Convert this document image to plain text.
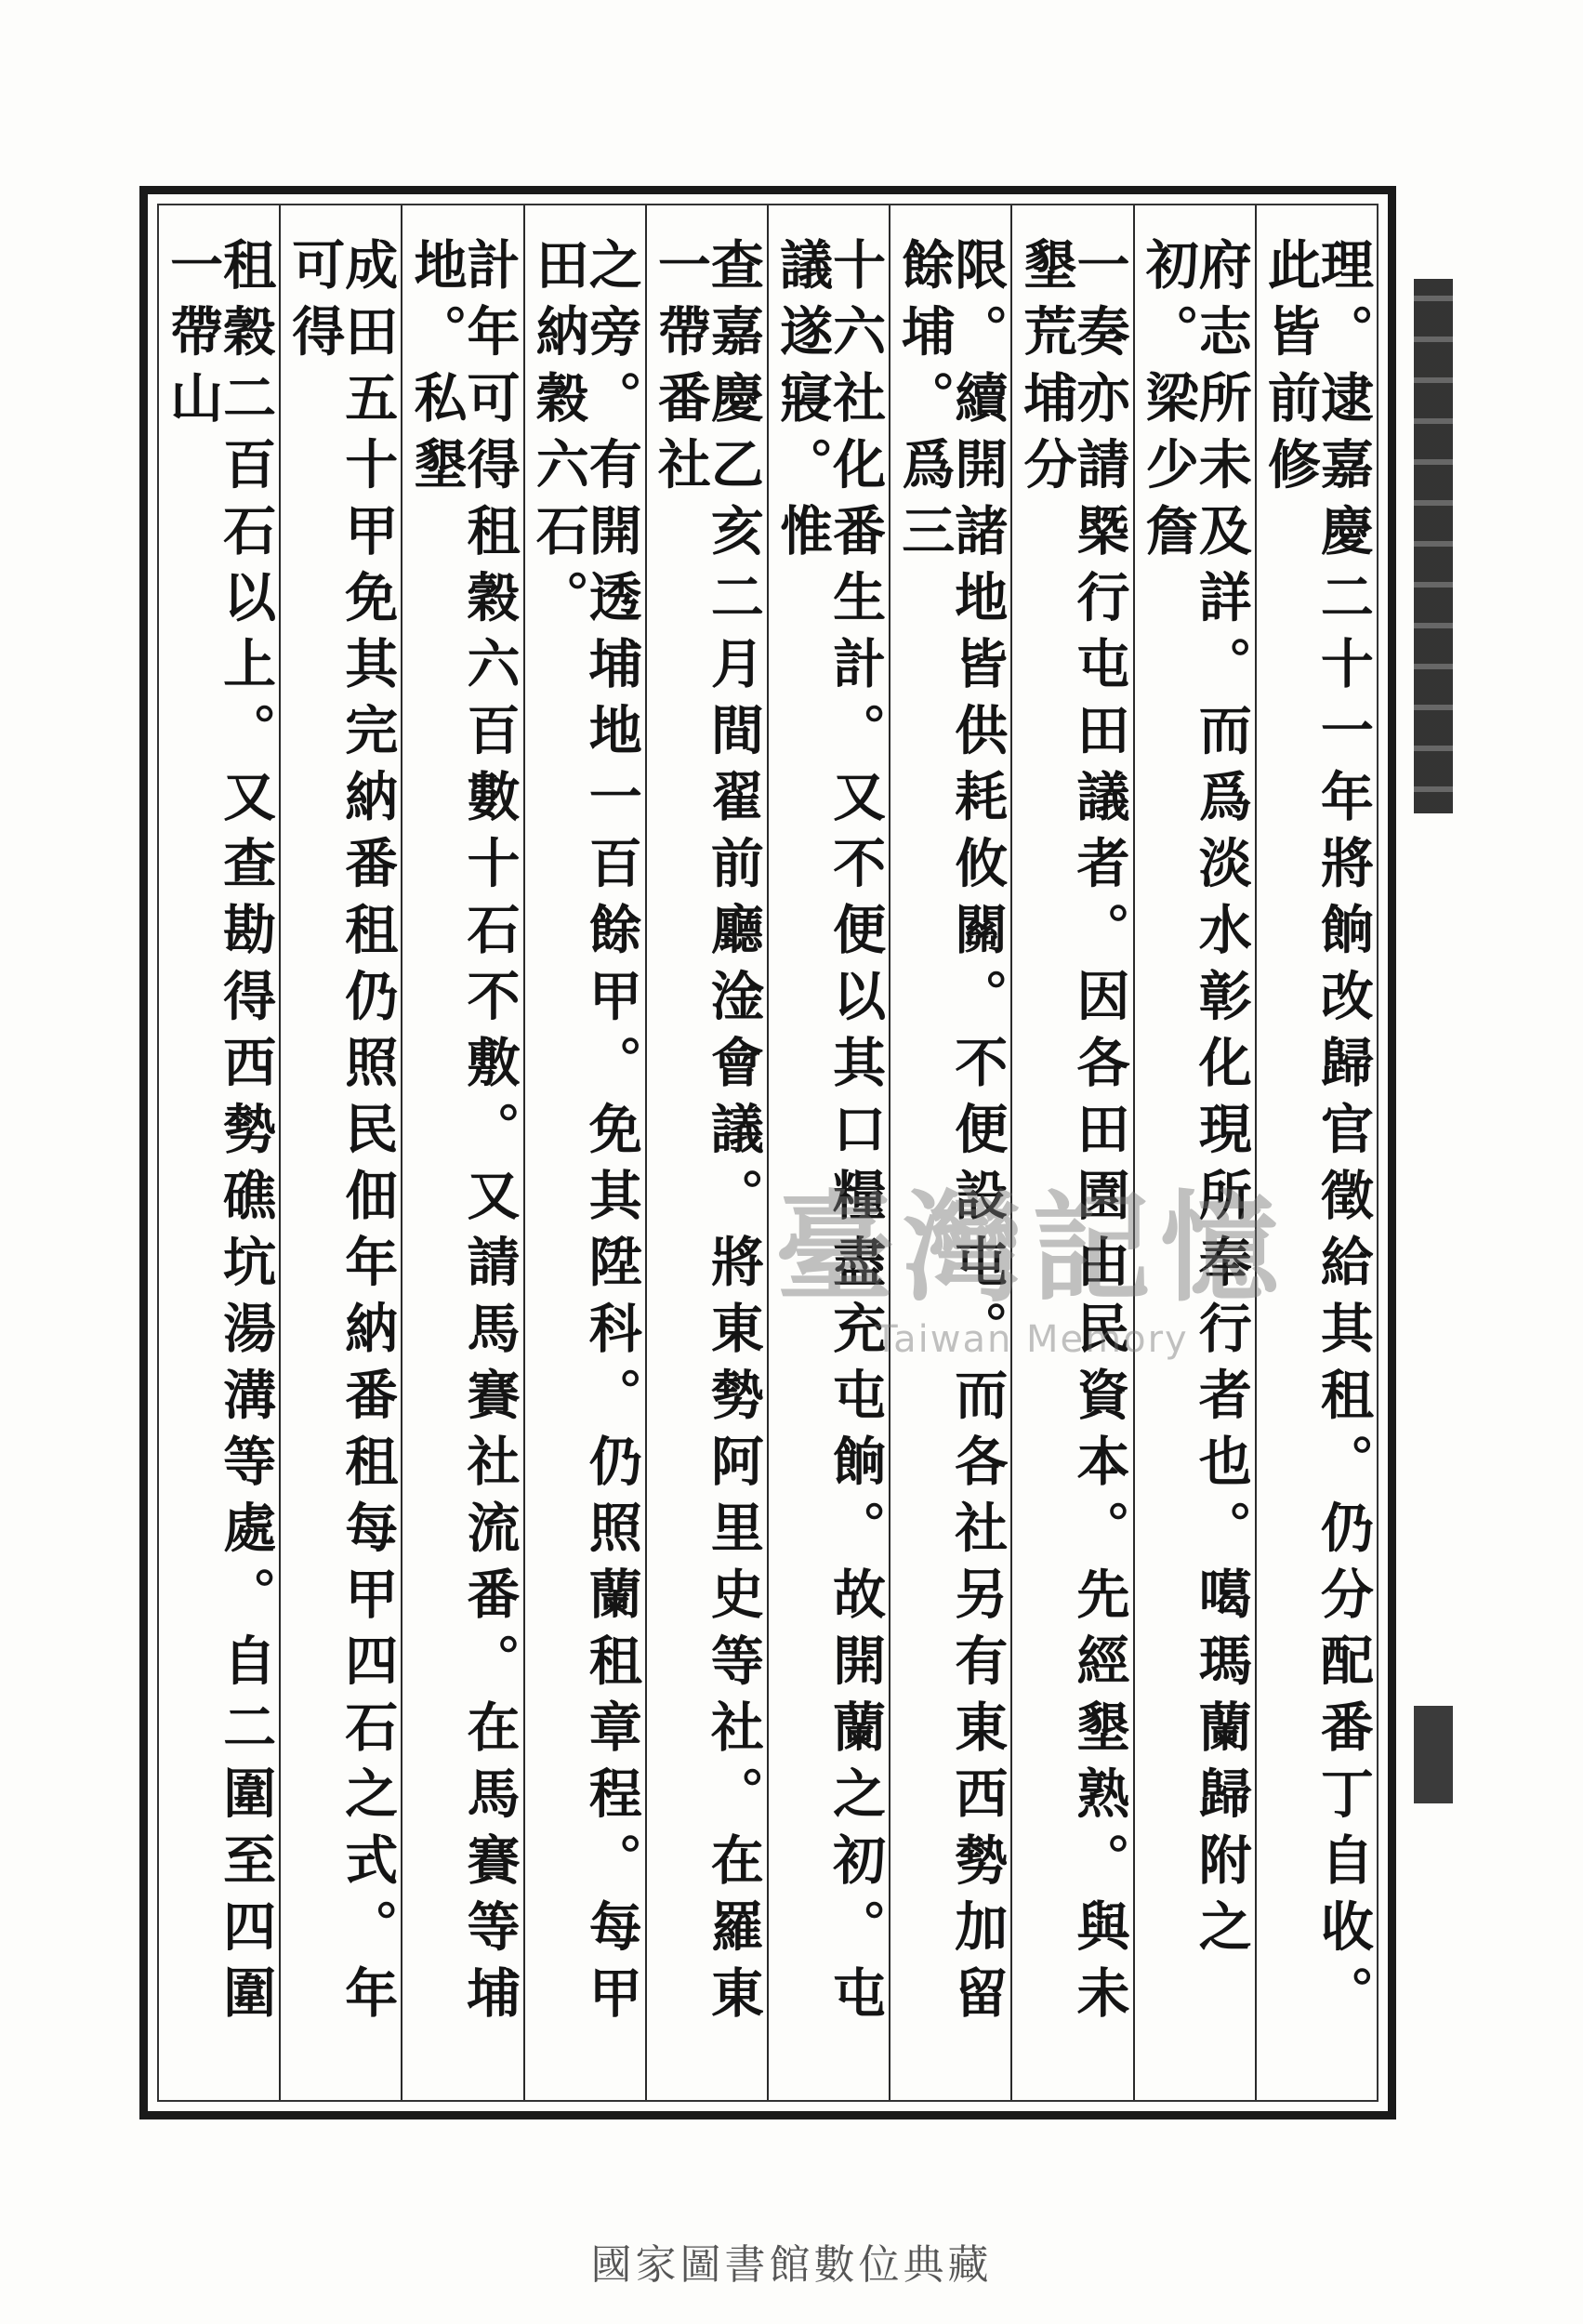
理。逮嘉慶二十一年將餉改歸官徵給其租。仍分配番丁自收。此皆前修
府志所未及詳。而爲淡水彰化現所奉行者也。噶瑪蘭歸附之初。梁少詹
一奏亦請槩行屯田議者。因各田園由民資本。先經墾熟。與未墾荒埔分
限。續開諸地皆供耗攸關。不便設屯。而各社另有東西勢加留餘埔。爲三
十六社化番生計。又不便以其口糧盡充屯餉。故開蘭之初。屯議遂寢。惟
查嘉慶乙亥二月間翟前廳淦會議。將東勢阿里史等社。在羅東一帶番社
之旁。有開透埔地一百餘甲。免其陞科。仍照蘭租章程。每甲田納穀六石。
計年可得租穀六百數十石不敷。又請馬賽社流番。在馬賽等埔地。私墾
成田五十甲免其完納番租仍照民佃年納番租每甲四石之式。年可得
租穀二百石以上。又查勘得西勢礁坑湯溝等處。自二圍至四圍一帶山
臺灣記憶
Taiwan Memory
國家圖書館數位典藏
